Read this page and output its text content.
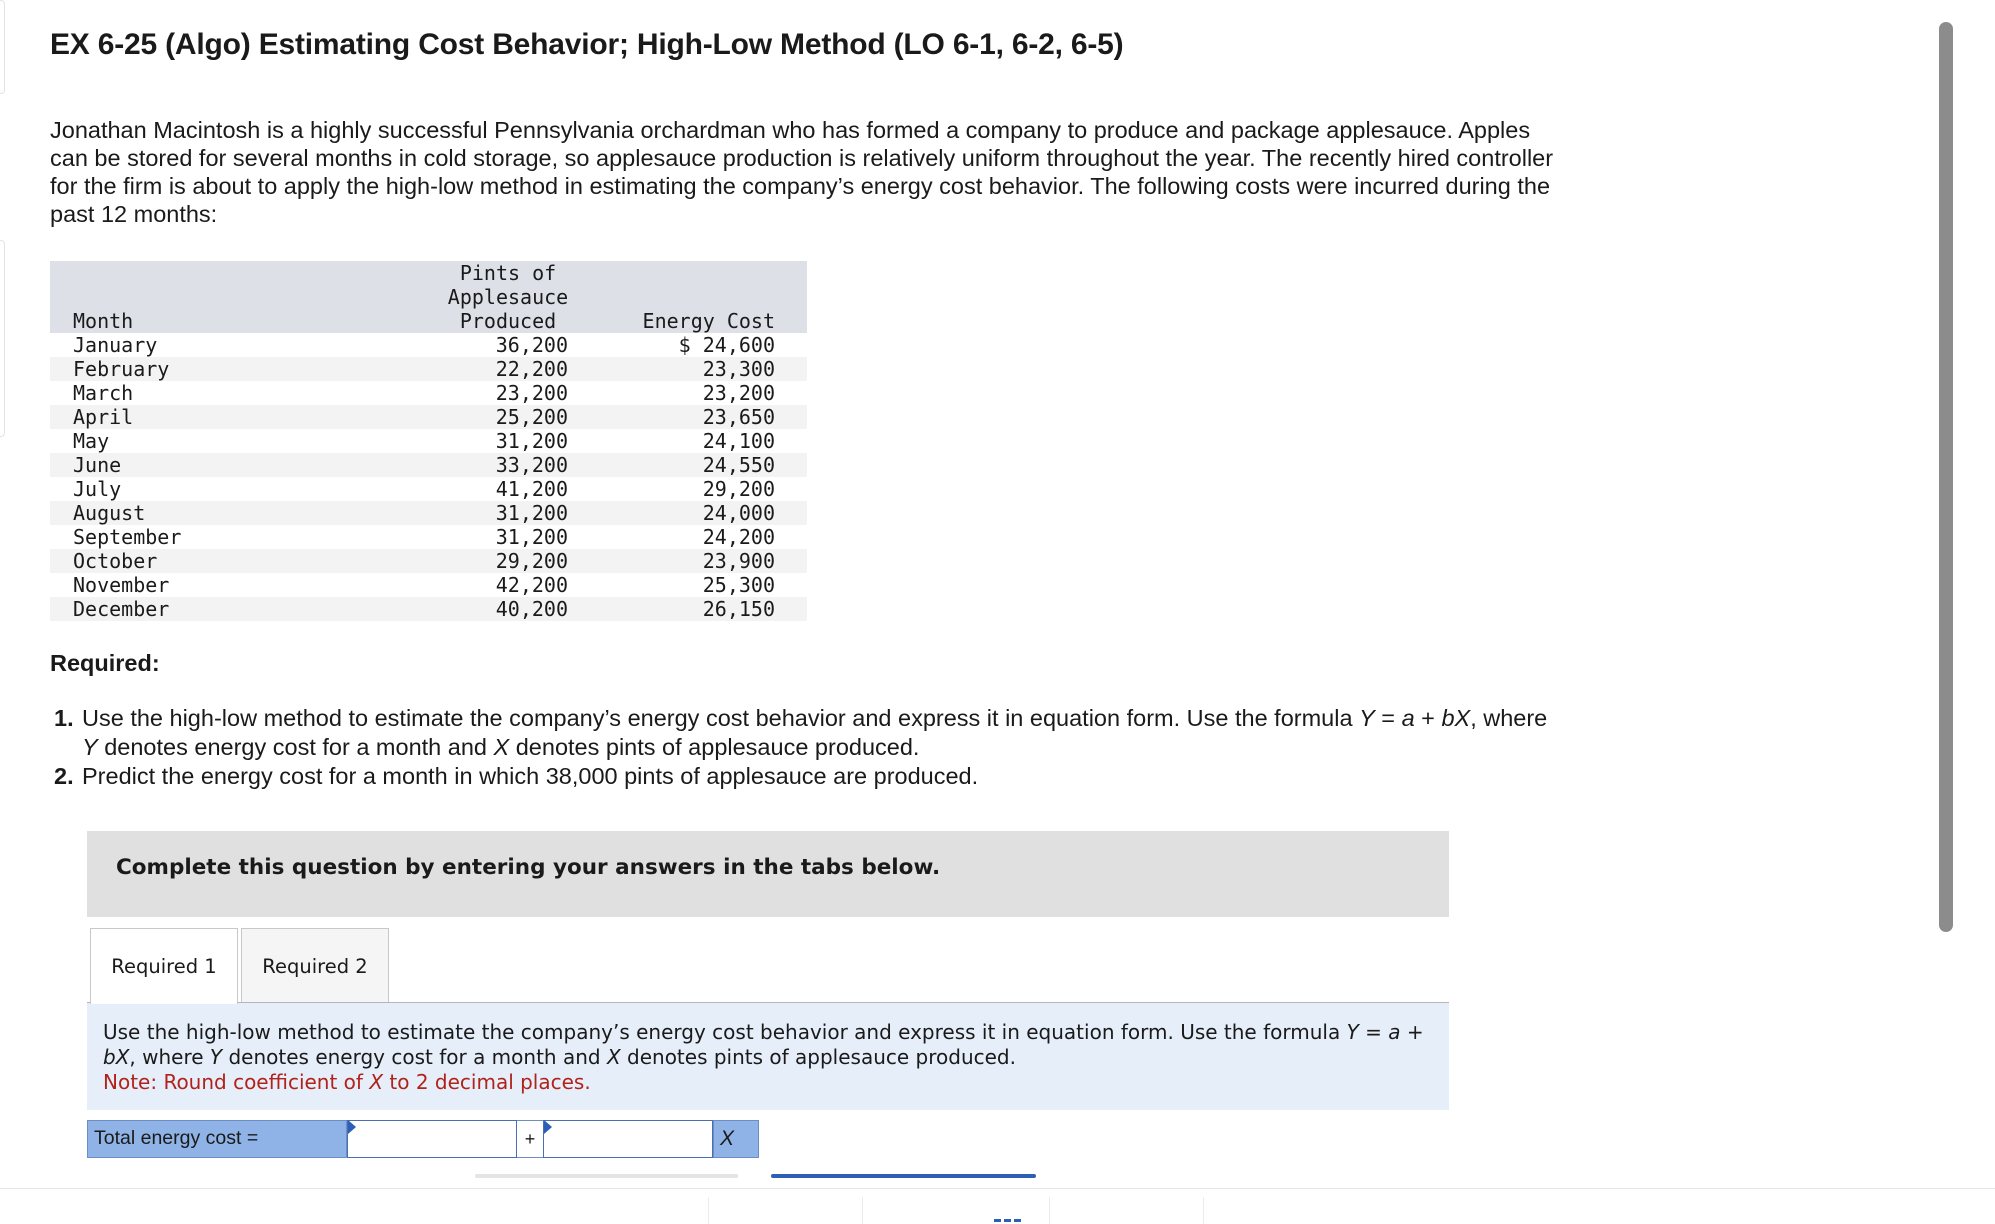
EX 6-25 (Algo) Estimating Cost Behavior; High-Low Method (LO 6-1, 6-2, 6-5)

Jonathan Macintosh is a highly successful Pennsylvania orchardman who has formed a company to produce and package applesauce. Apples can be stored for several months in cold storage, so applesauce production is relatively uniform throughout the year. The recently hired controller for the firm is about to apply the high-low method in estimating the company’s energy cost behavior. The following costs were incurred during the past 12 months:

Month	Pints of
Applesauce
Produced	Energy Cost
January	36,200	$ 24,600
February	22,200	23,300
March	23,200	23,200
April	25,200	23,650
May	31,200	24,100
June	33,200	24,550
July	41,200	29,200
August	31,200	24,000
September	31,200	24,200
October	29,200	23,900
November	42,200	25,300
December	40,200	26,150

Required:

1. Use the high-low method to estimate the company’s energy cost behavior and express it in equation form. Use the formula Y = a + bX, where Y denotes energy cost for a month and X denotes pints of applesauce produced.
2. Predict the energy cost for a month in which 38,000 pints of applesauce are produced.
Complete this question by entering your answers in the tabs below.
Required 1 Required 2
Use the high-low method to estimate the company’s energy cost behavior and express it in equation form. Use the formula Y = a + bX, where Y denotes energy cost for a month and X denotes pints of applesauce produced.
Note: Round coefficient of X to 2 decimal places.
Total energy cost =	+	X
